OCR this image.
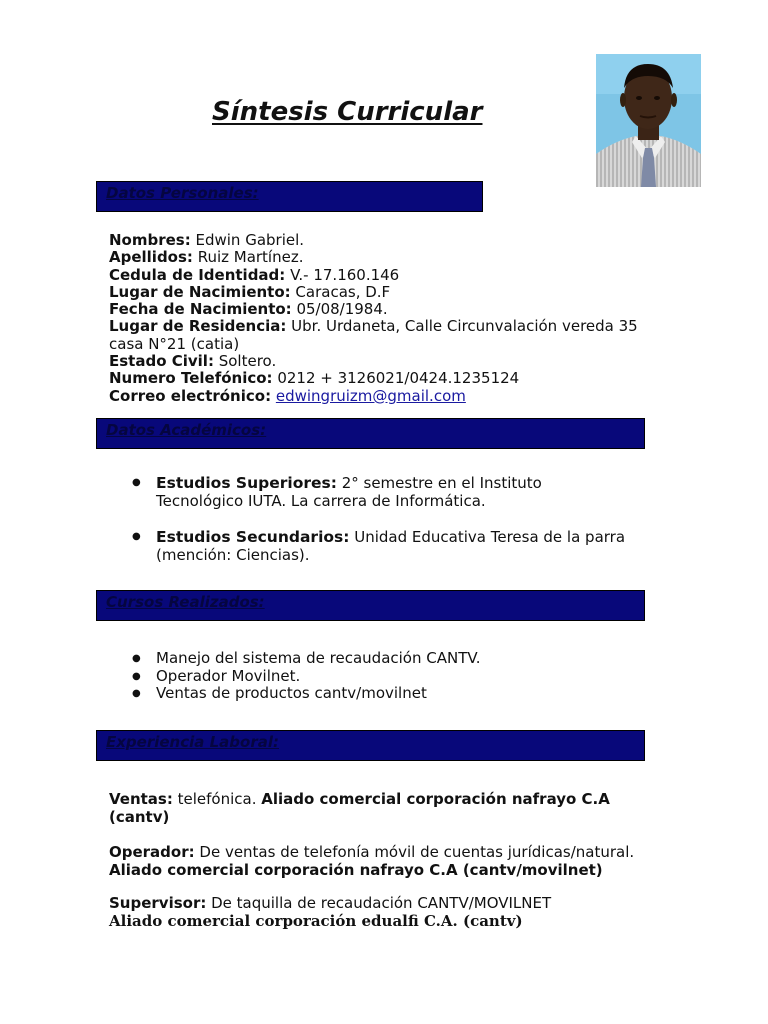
Síntesis Curricular
Datos Personales:
Nombres: Edwin Gabriel.
Apellidos: Ruiz Martínez.
Cedula de Identidad: V.- 17.160.146
Lugar de Nacimiento: Caracas, D.F
Fecha de Nacimiento: 05/08/1984.
Lugar de Residencia: Ubr. Urdaneta, Calle Circunvalación vereda 35
casa N°21 (catia)
Estado Civil: Soltero.
Numero Telefónico: 0212 + 3126021/0424.1235124
Correo electrónico: edwingruizm@gmail.com
Datos Académicos:
● Estudios Superiores: 2° semestre en el Instituto
Tecnológico IUTA. La carrera de Informática.
● Estudios Secundarios: Unidad Educativa Teresa de la parra
(mención: Ciencias).
Cursos Realizados:
● Manejo del sistema de recaudación CANTV.
● Operador Movilnet.
● Ventas de productos cantv/movilnet
Experiencia Laboral:
Ventas: telefónica. Aliado comercial corporación nafrayo C.A
(cantv)
Operador: De ventas de telefonía móvil de cuentas jurídicas/natural.
Aliado comercial corporación nafrayo C.A (cantv/movilnet)
Supervisor: De taquilla de recaudación CANTV/MOVILNET
Aliado comercial corporación edualfi C.A. (cantv)
